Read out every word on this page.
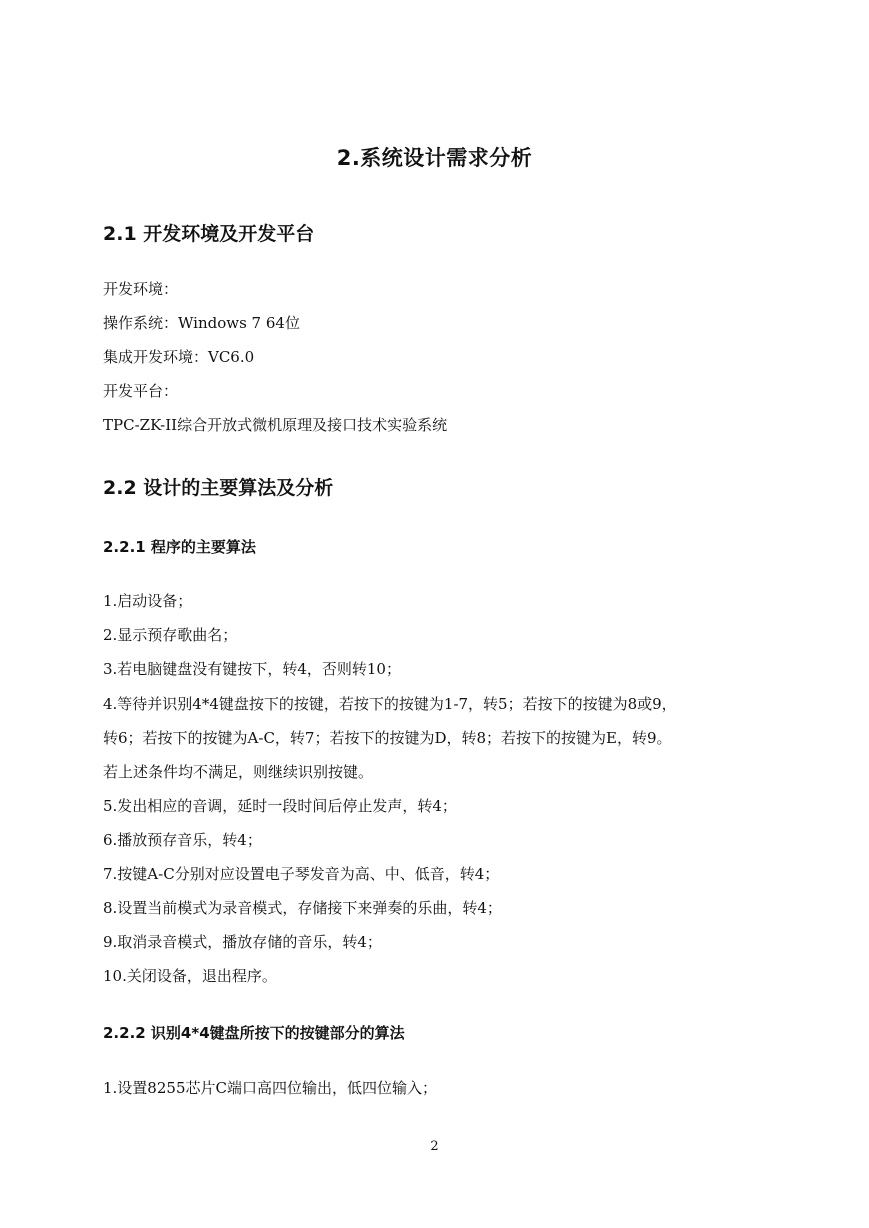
2.系统设计需求分析
2.1 开发环境及开发平台

开发环境：

操作系统：Windows 7 64位

集成开发环境：VC6.0

开发平台：

TPC-ZK-II综合开放式微机原理及接口技术实验系统

2.2 设计的主要算法及分析
2.2.1 程序的主要算法

1.启动设备；

2.显示预存歌曲名；

3.若电脑键盘没有键按下，转4，否则转10；

4.等待并识别4*4键盘按下的按键，若按下的按键为1-7，转5；若按下的按键为8或9，

转6；若按下的按键为A-C，转7；若按下的按键为D，转8；若按下的按键为E，转9。

若上述条件均不满足，则继续识别按键。

5.发出相应的音调，延时一段时间后停止发声，转4；

6.播放预存音乐，转4；

7.按键A-C分别对应设置电子琴发音为高、中、低音，转4；

8.设置当前模式为录音模式，存储接下来弹奏的乐曲，转4；

9.取消录音模式，播放存储的音乐，转4；

10.关闭设备，退出程序。

2.2.2 识别4*4键盘所按下的按键部分的算法

1.设置8255芯片C端口高四位输出，低四位输入；

2
